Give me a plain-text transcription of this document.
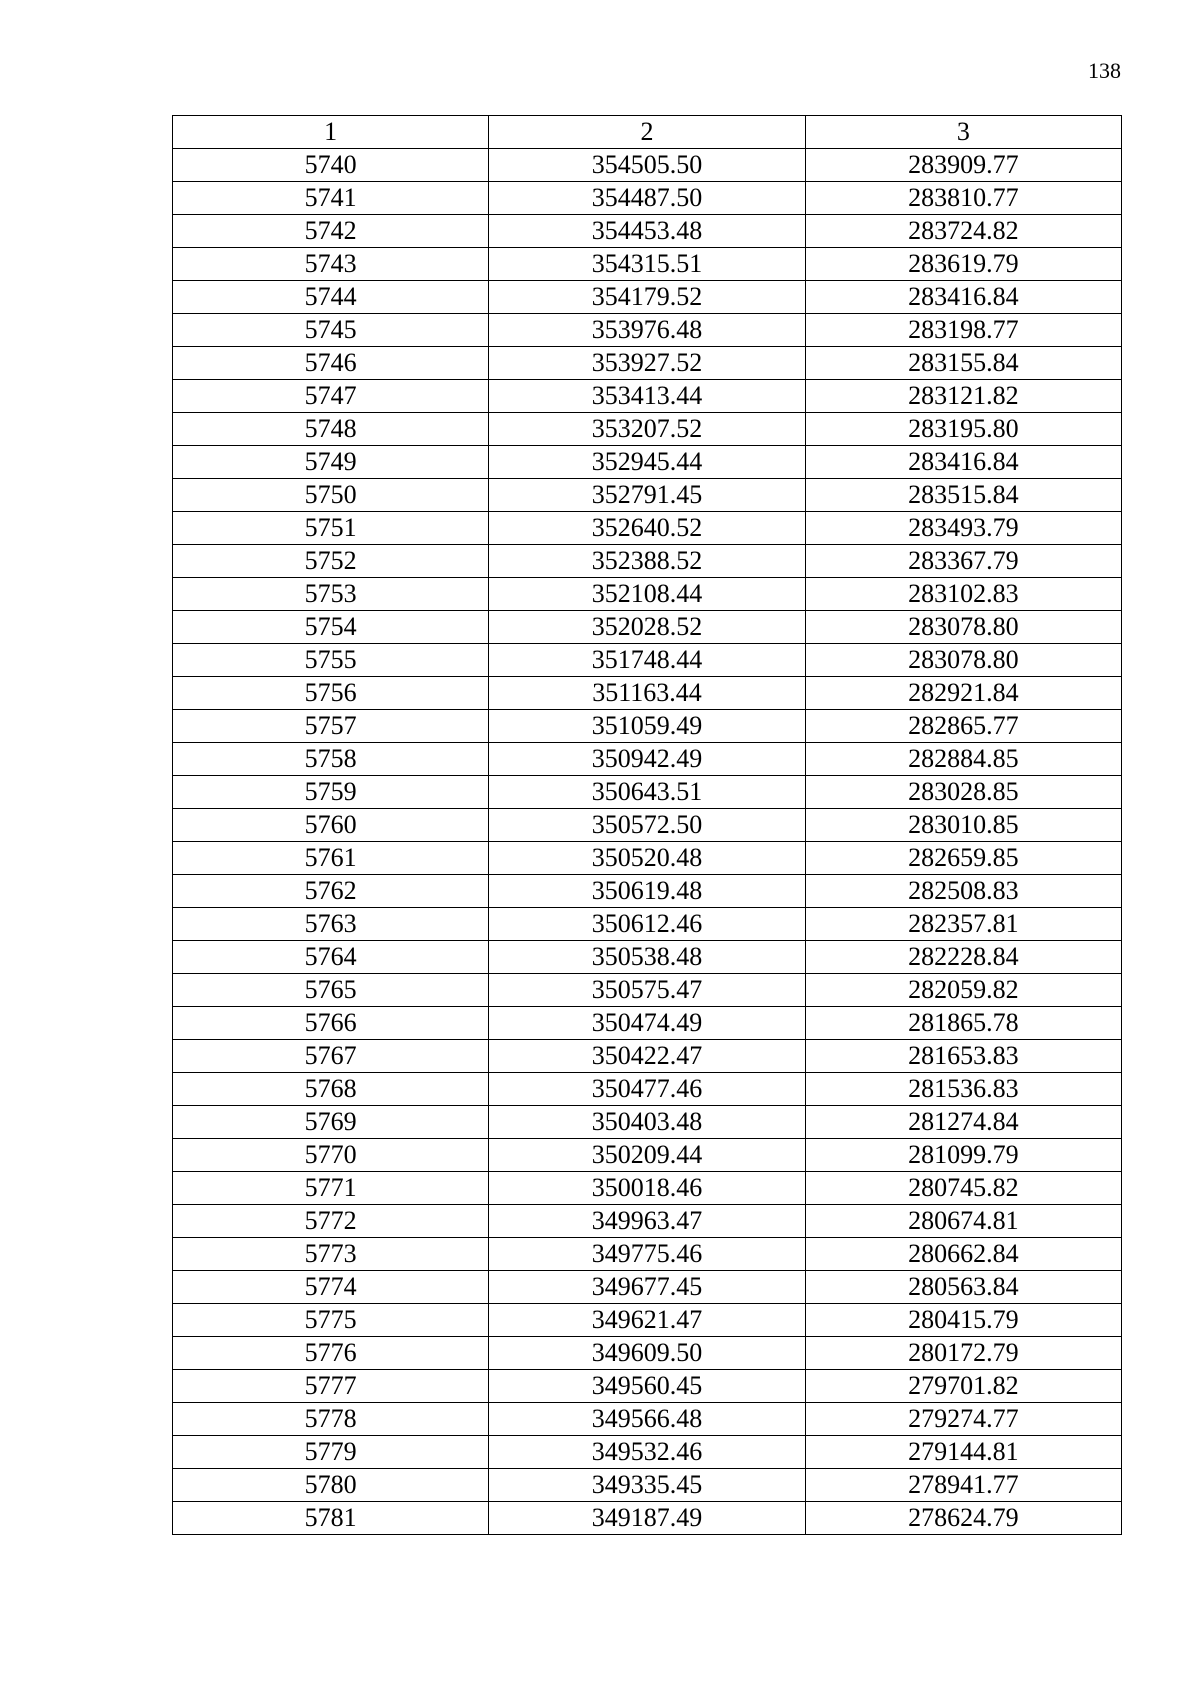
138
1	2	3
5740	354505.50	283909.77
5741	354487.50	283810.77
5742	354453.48	283724.82
5743	354315.51	283619.79
5744	354179.52	283416.84
5745	353976.48	283198.77
5746	353927.52	283155.84
5747	353413.44	283121.82
5748	353207.52	283195.80
5749	352945.44	283416.84
5750	352791.45	283515.84
5751	352640.52	283493.79
5752	352388.52	283367.79
5753	352108.44	283102.83
5754	352028.52	283078.80
5755	351748.44	283078.80
5756	351163.44	282921.84
5757	351059.49	282865.77
5758	350942.49	282884.85
5759	350643.51	283028.85
5760	350572.50	283010.85
5761	350520.48	282659.85
5762	350619.48	282508.83
5763	350612.46	282357.81
5764	350538.48	282228.84
5765	350575.47	282059.82
5766	350474.49	281865.78
5767	350422.47	281653.83
5768	350477.46	281536.83
5769	350403.48	281274.84
5770	350209.44	281099.79
5771	350018.46	280745.82
5772	349963.47	280674.81
5773	349775.46	280662.84
5774	349677.45	280563.84
5775	349621.47	280415.79
5776	349609.50	280172.79
5777	349560.45	279701.82
5778	349566.48	279274.77
5779	349532.46	279144.81
5780	349335.45	278941.77
5781	349187.49	278624.79
